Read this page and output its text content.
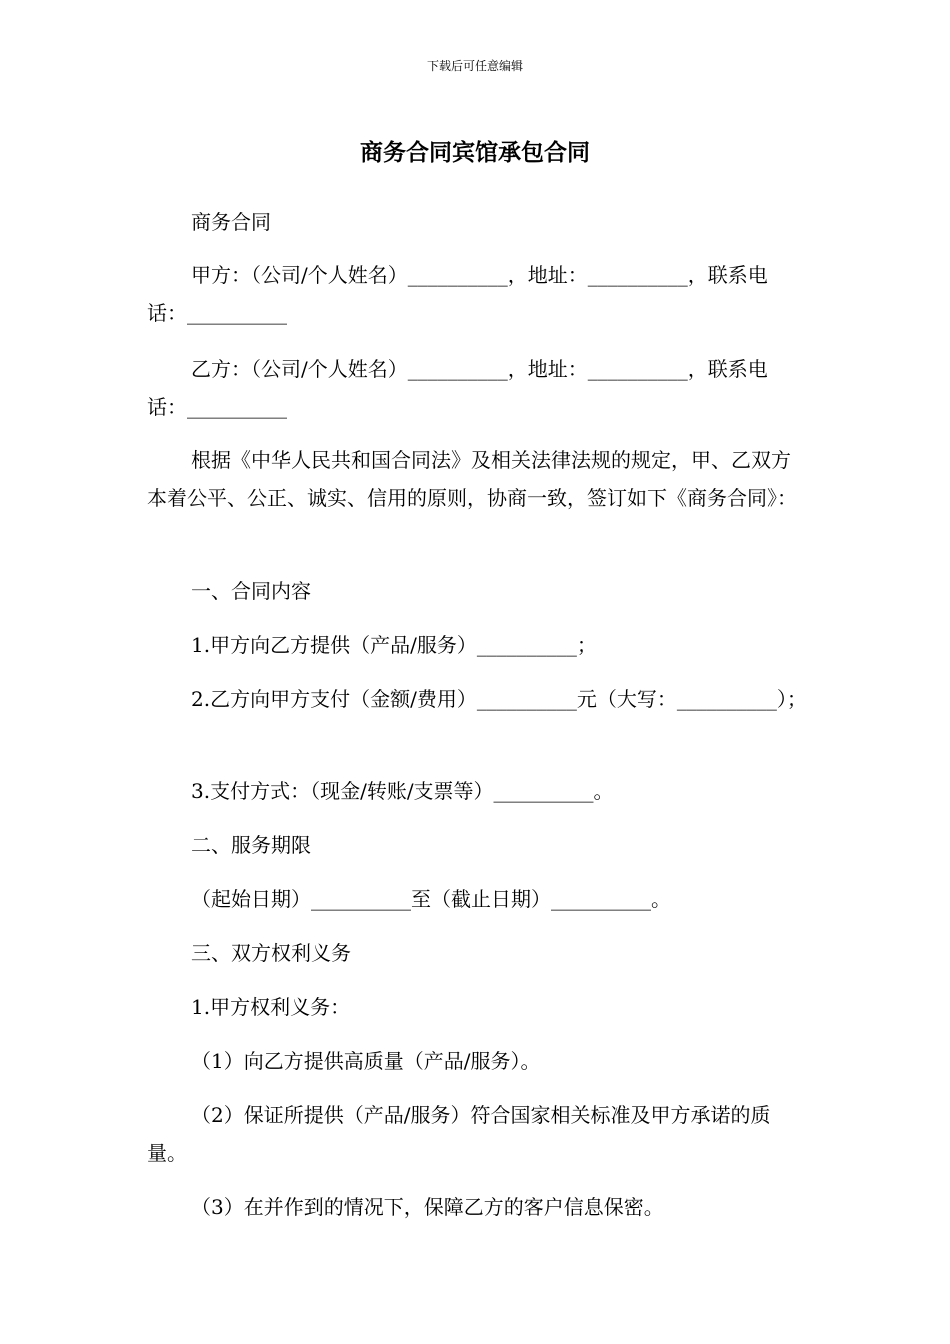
下载后可任意编辑
商务合同宾馆承包合同

商务合同

甲方：（公司/个人姓名）__________，地址：__________，联系电话：__________

乙方：（公司/个人姓名）__________，地址：__________，联系电话：__________

根据《中华人民共和国合同法》及相关法律法规的规定，甲、乙双方本着公平、公正、诚实、信用的原则，协商一致，签订如下《商务合同》：

一、合同内容

1.甲方向乙方提供（产品/服务）__________；

2.乙方向甲方支付（金额/费用）__________元（大写：__________）；

3.支付方式：（现金/转账/支票等）__________。

二、服务期限

（起始日期）__________至（截止日期）__________。

三、双方权利义务

1.甲方权利义务：

（1）向乙方提供高质量（产品/服务）。

（2）保证所提供（产品/服务）符合国家相关标准及甲方承诺的质量。

（3）在并作到的情况下，保障乙方的客户信息保密。
